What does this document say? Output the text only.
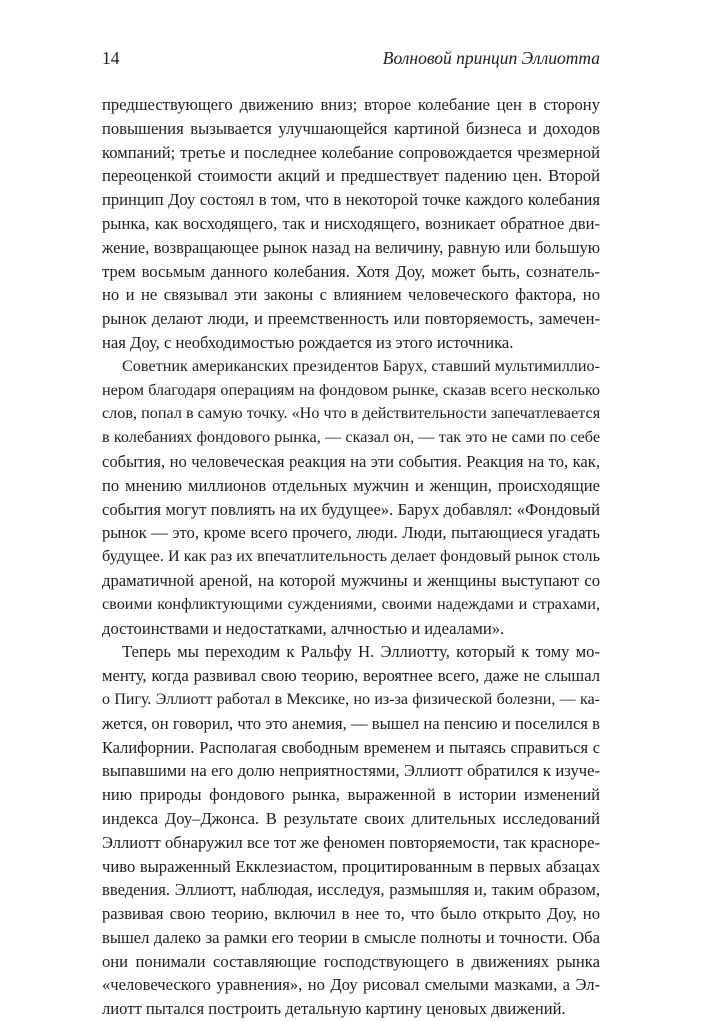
14	Волновой принцип Эллиотта
предшествующего движению вниз; второе колебание цен в сторону
повышения вызывается улучшающейся картиной бизнеса и доходов
компаний; третье и последнее колебание сопровождается чрезмерной
переоценкой стоимости акций и предшествует падению цен. Второй
принцип Доу состоял в том, что в некоторой точке каждого колебания
рынка, как восходящего, так и нисходящего, возникает обратное дви-
жение, возвращающее рынок назад на величину, равную или большую
трем восьмым данного колебания. Хотя Доу, может быть, сознатель-
но и не связывал эти законы с влиянием человеческого фактора, но
рынок делают люди, и преемственность или повторяемость, замечен-
ная Доу, с необходимостью рождается из этого источника.
Советник американских президентов Барух, ставший мультимиллио-
нером благодаря операциям на фондовом рынке, сказав всего несколько
слов, попал в самую точку. «Но что в действительности запечатлевается
в колебаниях фондового рынка, — сказал он, — так это не сами по себе
события, но человеческая реакция на эти события. Реакция на то, как,
по мнению миллионов отдельных мужчин и женщин, происходящие
события могут повлиять на их будущее». Барух добавлял: «Фондовый
рынок — это, кроме всего прочего, люди. Люди, пытающиеся угадать
будущее. И как раз их впечатлительность делает фондовый рынок столь
драматичной ареной, на которой мужчины и женщины выступают со
своими конфликтующими суждениями, своими надеждами и страхами,
достоинствами и недостатками, алчностью и идеалами».
Теперь мы переходим к Ральфу Н. Эллиотту, который к тому мо-
менту, когда развивал свою теорию, вероятнее всего, даже не слышал
о Пигу. Эллиотт работал в Мексике, но из-за физической болезни, — ка-
жется, он говорил, что это анемия, — вышел на пенсию и поселился в
Калифорнии. Располагая свободным временем и пытаясь справиться с
выпавшими на его долю неприятностями, Эллиотт обратился к изуче-
нию природы фондового рынка, выраженной в истории изменений
индекса Доу–Джонса. В результате своих длительных исследований
Эллиотт обнаружил все тот же феномен повторяемости, так красноре-
чиво выраженный Екклезиастом, процитированным в первых абзацах
введения. Эллиотт, наблюдая, исследуя, размышляя и, таким образом,
развивая свою теорию, включил в нее то, что было открыто Доу, но
вышел далеко за рамки его теории в смысле полноты и точности. Оба
они понимали составляющие господствующего в движениях рынка
«человеческого уравнения», но Доу рисовал смелыми мазками, а Эл-
лиотт пытался построить детальную картину ценовых движений.
